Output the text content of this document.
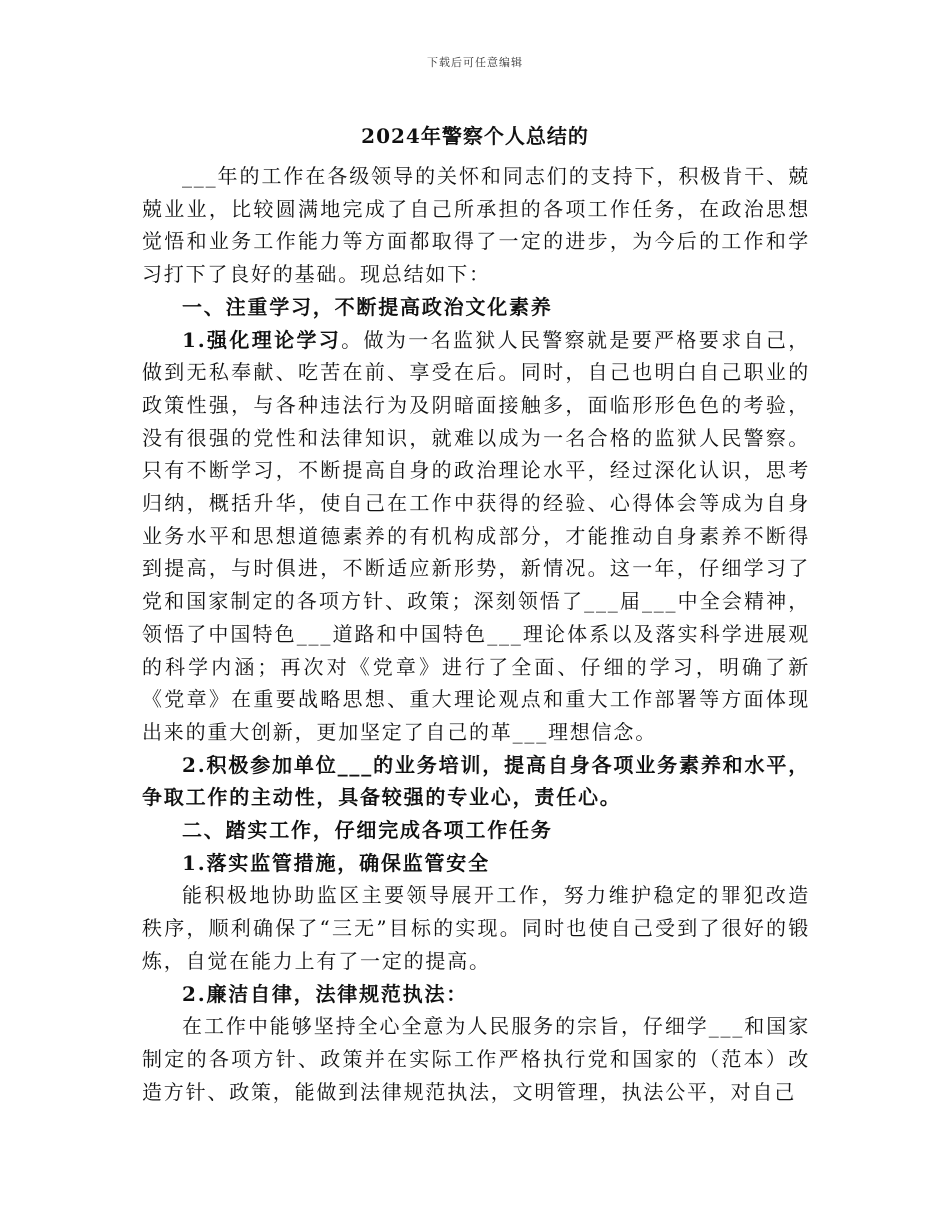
下载后可任意编辑
2024年警察个人总结的

___年的工作在各级领导的关怀和同志们的支持下，积极肯干、兢兢业业，比较圆满地完成了自己所承担的各项工作任务，在政治思想觉悟和业务工作能力等方面都取得了一定的进步，为今后的工作和学习打下了良好的基础。现总结如下：

一、注重学习，不断提高政治文化素养

1.强化理论学习。做为一名监狱人民警察就是要严格要求自己，做到无私奉献、吃苦在前、享受在后。同时，自己也明白自己职业的政策性强，与各种违法行为及阴暗面接触多，面临形形色色的考验，没有很强的党性和法律知识，就难以成为一名合格的监狱人民警察。只有不断学习，不断提高自身的政治理论水平，经过深化认识，思考归纳，概括升华，使自己在工作中获得的经验、心得体会等成为自身业务水平和思想道德素养的有机构成部分，才能推动自身素养不断得到提高，与时俱进，不断适应新形势，新情况。这一年，仔细学习了党和国家制定的各项方针、政策；深刻领悟了___届___中全会精神，领悟了中国特色___道路和中国特色___理论体系以及落实科学进展观的科学内涵；再次对《党章》进行了全面、仔细的学习，明确了新《党章》在重要战略思想、重大理论观点和重大工作部署等方面体现出来的重大创新，更加坚定了自己的革___理想信念。

2.积极参加单位___的业务培训，提高自身各项业务素养和水平，争取工作的主动性，具备较强的专业心，责任心。

二、踏实工作，仔细完成各项工作任务

1.落实监管措施，确保监管安全

能积极地协助监区主要领导展开工作，努力维护稳定的罪犯改造秩序，顺利确保了“三无”目标的实现。同时也使自己受到了很好的锻炼，自觉在能力上有了一定的提高。

2.廉洁自律，法律规范执法：

在工作中能够坚持全心全意为人民服务的宗旨，仔细学___和国家制定的各项方针、政策并在实际工作严格执行党和国家的（范本）改造方针、政策，能做到法律规范执法，文明管理，执法公平，对自己
